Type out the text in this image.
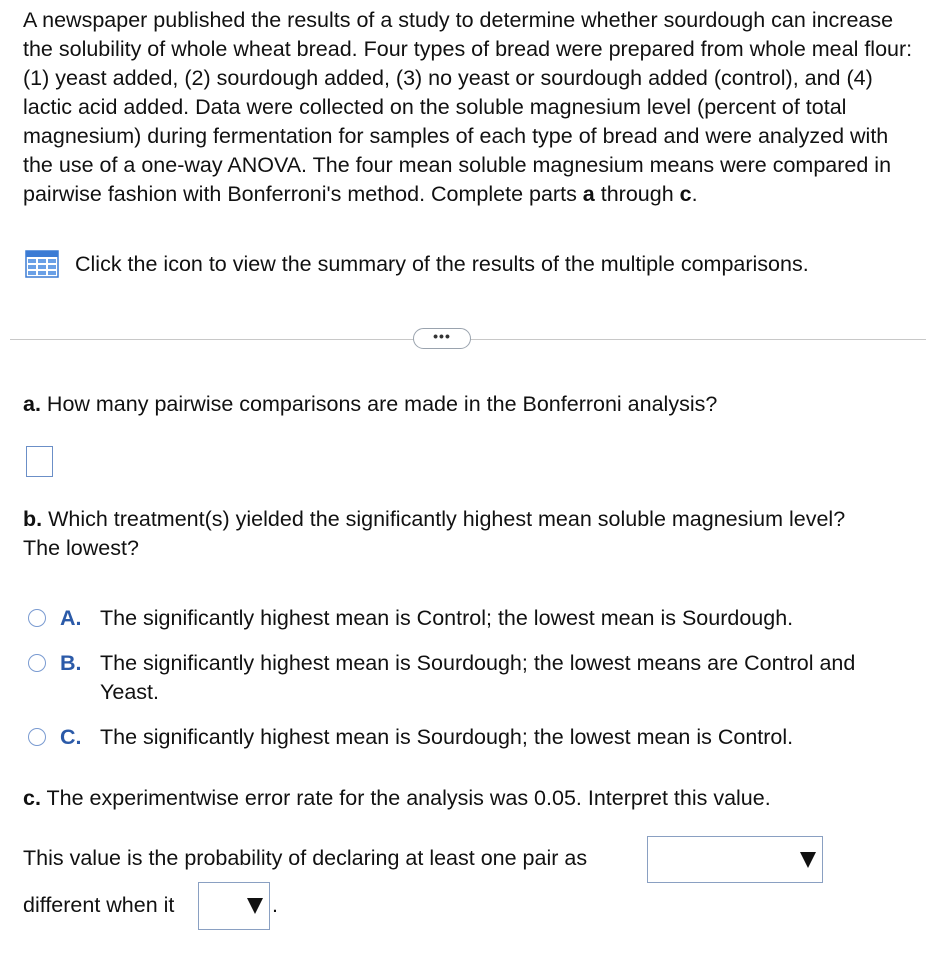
A newspaper published the results of a study to determine whether sourdough can increase the solubility of whole wheat bread. Four types of bread were prepared from whole meal flour: (1) yeast added, (2) sourdough added, (3) no yeast or sourdough added (control), and (4) lactic acid added. Data were collected on the soluble magnesium level (percent of total magnesium) during fermentation for samples of each type of bread and were analyzed with the use of a one-way ANOVA. The four mean soluble magnesium means were compared in pairwise fashion with Bonferroni's method. Complete parts a through c.

Click the icon to view the summary of the results of the multiple comparisons.
•••
a. How many pairwise comparisons are made in the Bonferroni analysis?
b. Which treatment(s) yielded the significantly highest mean soluble magnesium level? The lowest?
A. The significantly highest mean is Control; the lowest mean is Sourdough.
B. The significantly highest mean is Sourdough; the lowest means are Control and Yeast.
C. The significantly highest mean is Sourdough; the lowest mean is Control.
c. The experimentwise error rate for the analysis was 0.05. Interpret this value.
This value is the probability of declaring at least one pair as
different when it	.
